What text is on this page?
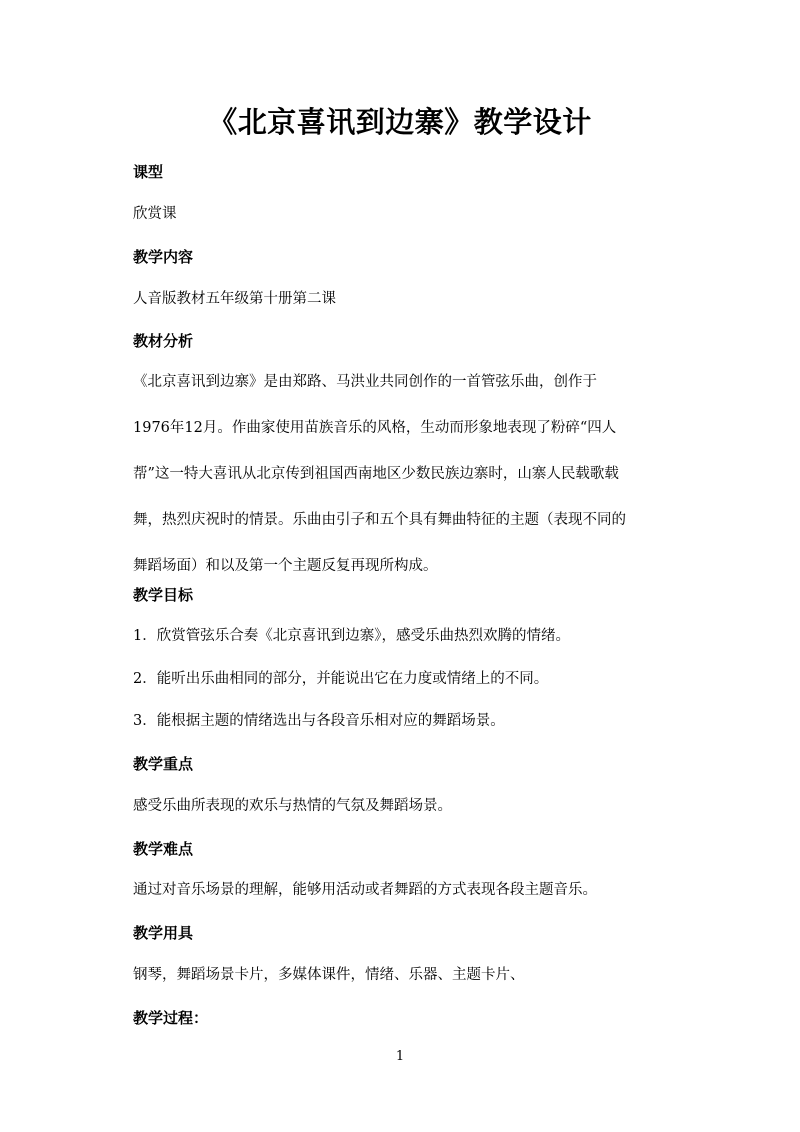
《北京喜讯到边寨》教学设计
课型
欣赏课
教学内容
人音版教材五年级第十册第二课
教材分析
《北京喜讯到边寨》是由郑路、马洪业共同创作的一首管弦乐曲，创作于
1976年12月。作曲家使用苗族音乐的风格，生动而形象地表现了粉碎“四人
帮”这一特大喜讯从北京传到祖国西南地区少数民族边寨时，山寨人民载歌载
舞，热烈庆祝时的情景。乐曲由引子和五个具有舞曲特征的主题（表现不同的
舞蹈场面）和以及第一个主题反复再现所构成。
教学目标
1．欣赏管弦乐合奏《北京喜讯到边寨》，感受乐曲热烈欢腾的情绪。
2．能听出乐曲相同的部分，并能说出它在力度或情绪上的不同。
3．能根据主题的情绪选出与各段音乐相对应的舞蹈场景。
教学重点
感受乐曲所表现的欢乐与热情的气氛及舞蹈场景。
教学难点
通过对音乐场景的理解，能够用活动或者舞蹈的方式表现各段主题音乐。
教学用具
钢琴，舞蹈场景卡片，多媒体课件，情绪、乐器、主题卡片、
教学过程：
1
